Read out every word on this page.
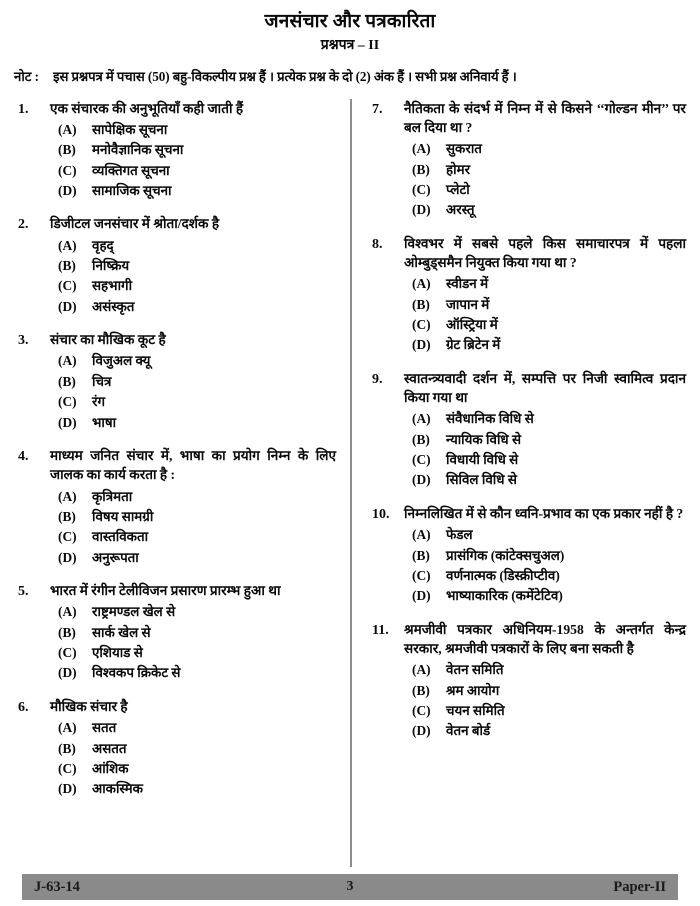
जनसंचार और पत्रकारिता
प्रश्नपत्र – II
नोट :	इस प्रश्नपत्र में पचास (50) बहु-विकल्पीय प्रश्न हैं । प्रत्येक प्रश्न के दो (2) अंक हैं । सभी प्रश्न अनिवार्य हैं ।
1.	एक संचारक की अनुभूतियाँ कही जाती हैं
(A)	सापेक्षिक सूचना
(B)	मनोवैज्ञानिक सूचना
(C)	व्यक्तिगत सूचना
(D)	सामाजिक सूचना
2.	डिजीटल जनसंचार में श्रोता/दर्शक है
(A)	वृहद्
(B)	निष्क्रिय
(C)	सहभागी
(D)	असंस्कृत
3.	संचार का मौखिक कूट है
(A)	विजुअल क्यू
(B)	चित्र
(C)	रंग
(D)	भाषा
4.	माध्यम जनित संचार में, भाषा का प्रयोग निम्न के लिए जालक का कार्य करता है :
(A)	कृत्रिमता
(B)	विषय सामग्री
(C)	वास्तविकता
(D)	अनुरूपता
5.	भारत में रंगीन टेलीविजन प्रसारण प्रारम्भ हुआ था
(A)	राष्ट्रमण्डल खेल से
(B)	सार्क खेल से
(C)	एशियाड से
(D)	विश्वकप क्रिकेट से
6.	मौखिक संचार है
(A)	सतत
(B)	असतत
(C)	आंशिक
(D)	आकस्मिक
7.	नैतिकता के संदर्भ में निम्न में से किसने ‘‘गोल्डन मीन’’ पर बल दिया था ?
(A)	सुकरात
(B)	होमर
(C)	प्लेटो
(D)	अरस्तू
8.	विश्वभर में सबसे पहले किस समाचारपत्र में पहला ओम्बुड्समैन नियुक्त किया गया था ?
(A)	स्वीडन में
(B)	जापान में
(C)	ऑस्ट्रिया में
(D)	ग्रेट ब्रिटेन में
9.	स्वातन्त्र्यवादी दर्शन में, सम्पत्ति पर निजी स्वामित्व प्रदान किया गया था
(A)	संवैधानिक विधि से
(B)	न्यायिक विधि से
(C)	विधायी विधि से
(D)	सिविल विधि से
10.	निम्नलिखित में से कौन ध्वनि-प्रभाव का एक प्रकार नहीं है ?
(A)	फेडल
(B)	प्रासंगिक (कांटेक्सचुअल)
(C)	वर्णनात्मक (डिस्क्रीप्टीव)
(D)	भाष्याकारिक (कमेंटेटिव)
11.	श्रमजीवी पत्रकार अधिनियम-1958 के अन्तर्गत केन्द्र सरकार, श्रमजीवी पत्रकारों के लिए बना सकती है
(A)	वेतन समिति
(B)	श्रम आयोग
(C)	चयन समिति
(D)	वेतन बोर्ड
J-63-14	3	Paper-II
